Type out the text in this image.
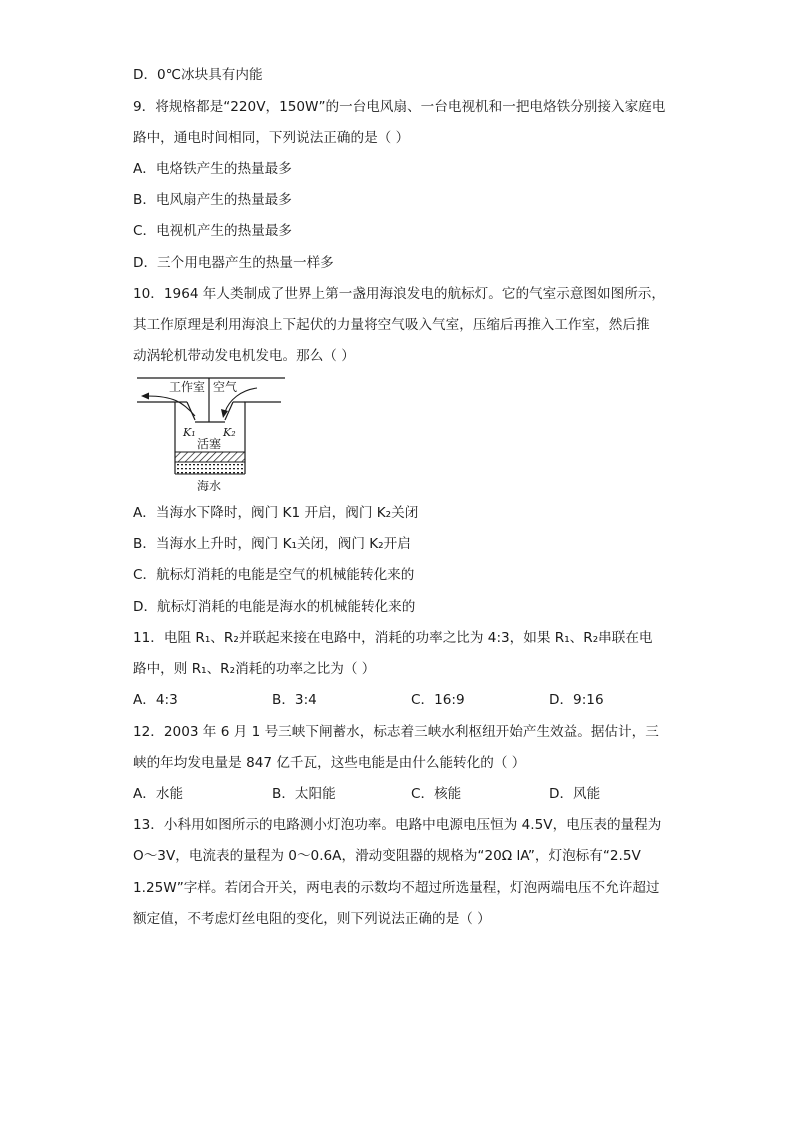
D．0℃冰块具有内能
9．将规格都是“220V，150W”的一台电风扇、一台电视机和一把电烙铁分别接入家庭电
路中，通电时间相同，下列说法正确的是（ ）
A．电烙铁产生的热量最多
B．电风扇产生的热量最多
C．电视机产生的热量最多
D．三个用电器产生的热量一样多
10．1964 年人类制成了世界上第一盏用海浪发电的航标灯。它的气室示意图如图所示，
其工作原理是利用海浪上下起伏的力量将空气吸入气室，压缩后再推入工作室，然后推
动涡轮机带动发电机发电。那么（ ）
工作室 空气
K₁ K₂
活塞
海水
A．当海水下降时，阀门 K1 开启，阀门 K₂关闭
B．当海水上升时，阀门 K₁关闭，阀门 K₂开启
C．航标灯消耗的电能是空气的机械能转化来的
D．航标灯消耗的电能是海水的机械能转化来的
11．电阻 R₁、R₂并联起来接在电路中，消耗的功率之比为 4:3，如果 R₁、R₂串联在电
路中，则 R₁、R₂消耗的功率之比为（ ）
A．4:3	B．3:4	C．16:9	D．9:16
12．2003 年 6 月 1 号三峡下闸蓄水，标志着三峡水利枢纽开始产生效益。据估计，三
峡的年均发电量是 847 亿千瓦，这些电能是由什么能转化的（ ）
A．水能	B．太阳能	C．核能	D．风能
13．小科用如图所示的电路测小灯泡功率。电路中电源电压恒为 4.5V，电压表的量程为
O～3V，电流表的量程为 0～0.6A，滑动变阻器的规格为“20Ω lA”，灯泡标有“2.5V
1.25W”字样。若闭合开关，两电表的示数均不超过所选量程，灯泡两端电压不允许超过
额定值，不考虑灯丝电阻的变化，则下列说法正确的是（ ）
